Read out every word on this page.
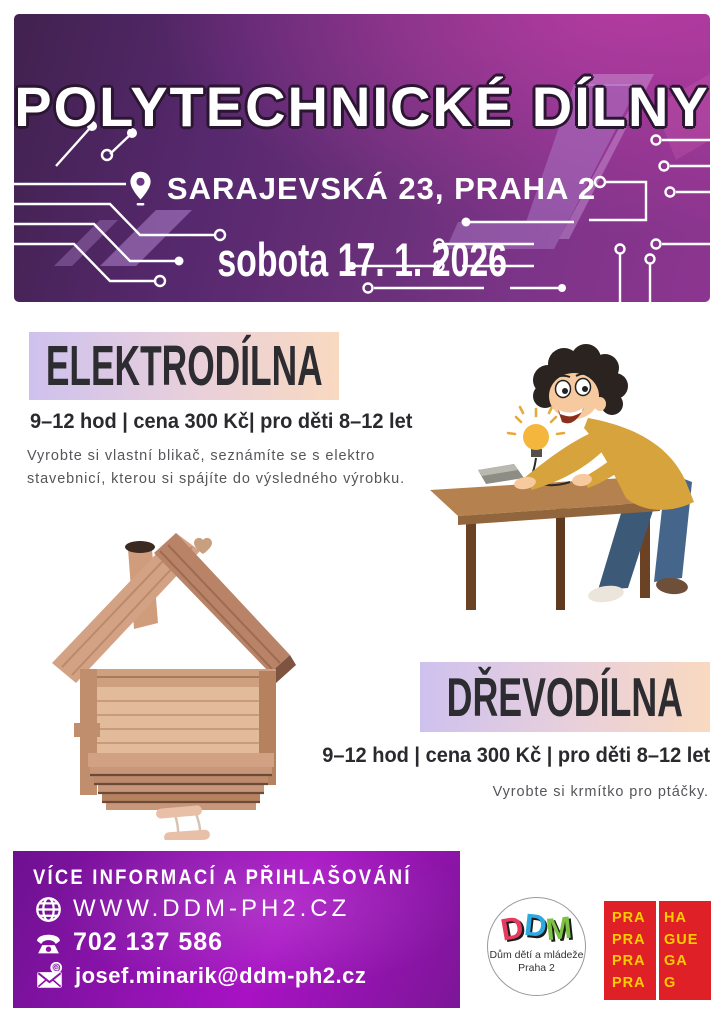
POLYTECHNICKÉ DÍLNY
SARAJEVSKÁ 23, PRAHA 2
sobota 17. 1. 2026
ELEKTRODÍLNA
9–12 hod | cena 300 Kč| pro děti 8–12 let
Vyrobte si vlastní blikač, seznámíte se s elektro
stavebnicí, kterou si spájíte do výsledného výrobku.
DŘEVODÍLNA
9–12 hod | cena 300 Kč | pro děti 8–12 let
Vyrobte si krmítko pro ptáčky.
VÍCE INFORMACÍ A PŘIHLAŠOVÁNÍ
WWW.DDM-PH2.CZ
702 137 586
@ josef.minarik@ddm-ph2.cz
DDM
Dům dětí a mládeže
Praha 2
PRA
PRA
PRA
PRA
HA
GUE
GA
G
